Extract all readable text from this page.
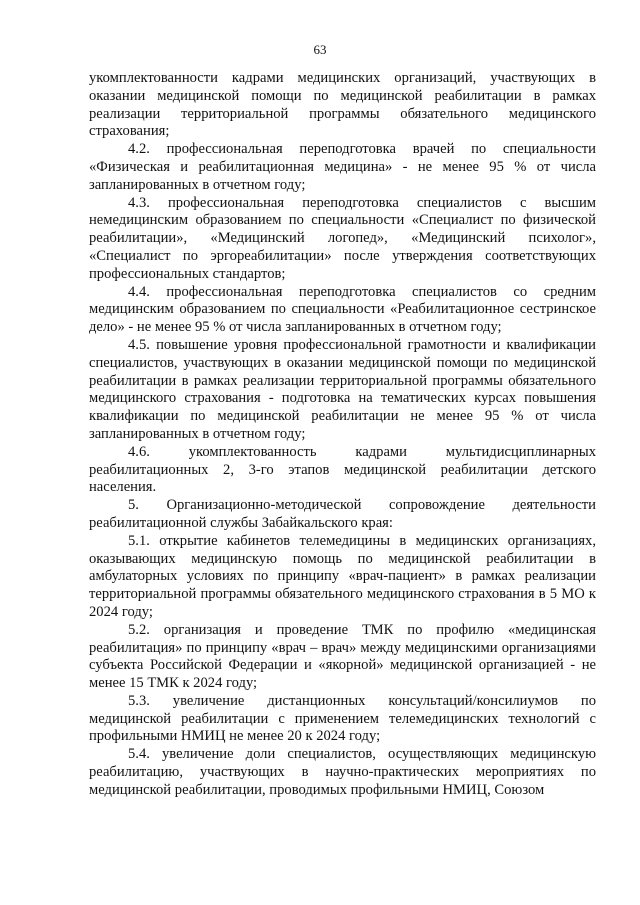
63

укомплектованности кадрами медицинских организаций, участвующих в оказании медицинской помощи по медицинской реабилитации в рамках реализации территориальной программы обязательного медицинского страхования;

4.2. профессиональная переподготовка врачей по специальности «Физическая и реабилитационная медицина» - не менее 95 % от числа запланированных в отчетном году;

4.3. профессиональная переподготовка специалистов с высшим немедицинским образованием по специальности «Специалист по физической реабилитации», «Медицинский логопед», «Медицинский психолог», «Специалист по эргореабилитации» после утверждения соответствующих профессиональных стандартов;

4.4. профессиональная переподготовка специалистов со средним медицинским образованием по специальности «Реабилитационное сестринское дело» - не менее 95 % от числа запланированных в отчетном году;

4.5. повышение уровня профессиональной грамотности и квалификации специалистов, участвующих в оказании медицинской помощи по медицинской реабилитации в рамках реализации территориальной программы обязательного медицинского страхования - подготовка на тематических курсах повышения квалификации по медицинской реабилитации не менее 95 % от числа запланированных в отчетном году;

4.6. укомплектованность кадрами мультидисциплинарных реабилитационных 2, 3-го этапов медицинской реабилитации детского населения.

5. Организационно-методической сопровождение деятельности реабилитационной службы Забайкальского края:

5.1. открытие кабинетов телемедицины в медицинских организациях, оказывающих медицинскую помощь по медицинской реабилитации в амбулаторных условиях по принципу «врач-пациент» в рамках реализации территориальной программы обязательного медицинского страхования в 5 МО к 2024 году;

5.2. организация и проведение ТМК по профилю «медицинская реабилитация» по принципу «врач – врач» между медицинскими организациями субъекта Российской Федерации и «якорной» медицинской организацией - не менее 15 ТМК к 2024 году;

5.3. увеличение дистанционных консультаций/консилиумов по медицинской реабилитации с применением телемедицинских технологий с профильными НМИЦ не менее 20 к 2024 году;

5.4. увеличение доли специалистов, осуществляющих медицинскую реабилитацию, участвующих в научно-практических мероприятиях по медицинской реабилитации, проводимых профильными НМИЦ, Союзом
